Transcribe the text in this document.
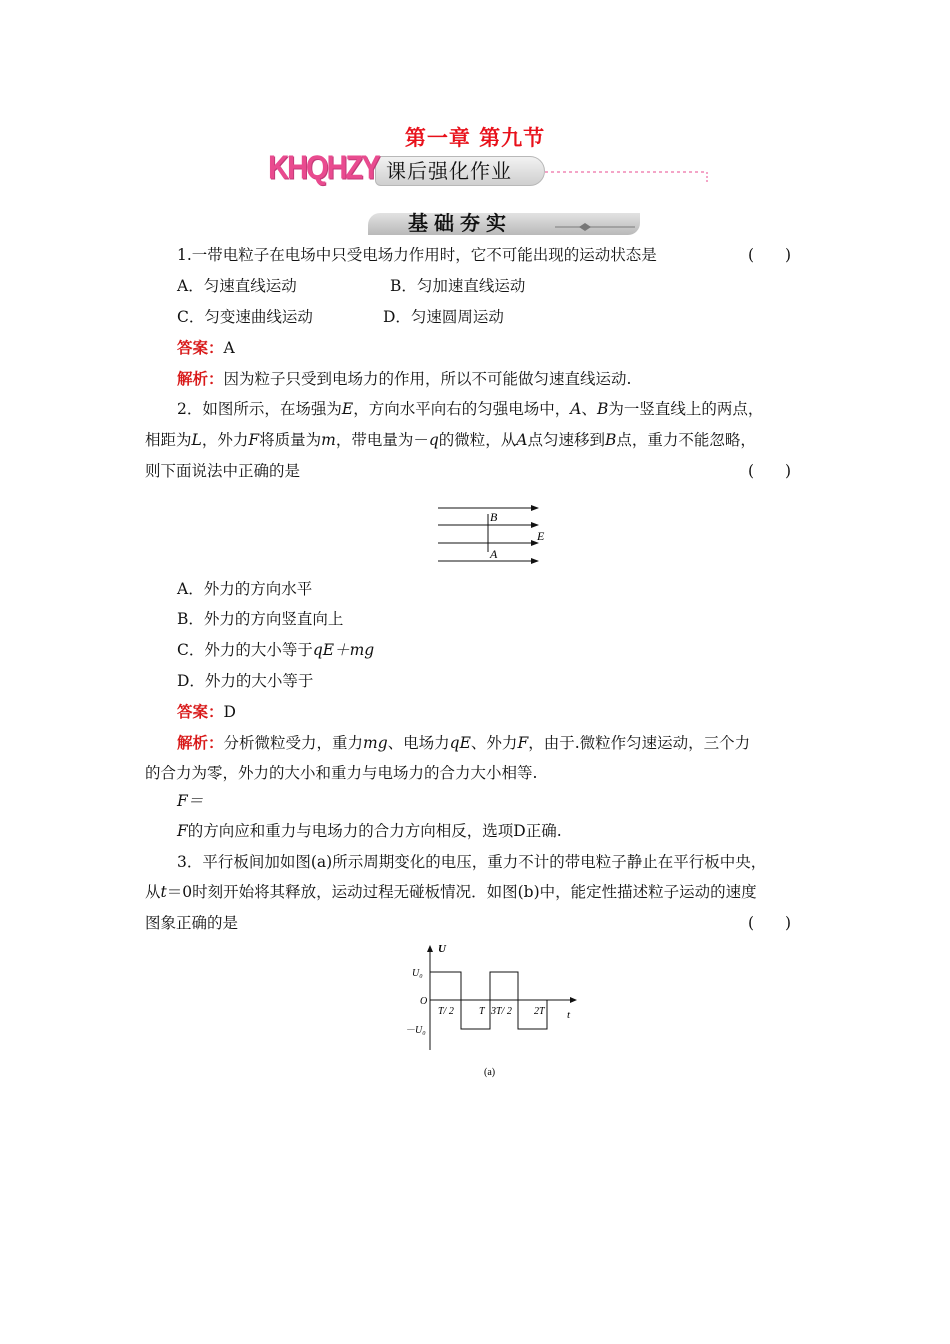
第一章 第九节
课后强化作业
KHQHZY
基础夯实
1.一带电粒子在电场中只受电场力作用时，它不可能出现的运动状态是	(　　)
A．匀速直线运动	B．匀加速直线运动
C．匀变速曲线运动	D．匀速圆周运动
答案：A
解析：因为粒子只受到电场力的作用，所以不可能做匀速直线运动.
2．如图所示，在场强为E，方向水平向右的匀强电场中，A、B为一竖直线上的两点，
相距为L，外力F将质量为m，带电量为－q的微粒，从A点匀速移到B点，重力不能忽略，
则下面说法中正确的是	(　　)
B
E
A
A．外力的方向水平
B．外力的方向竖直向上
C．外力的大小等于qE＋mg
D．外力的大小等于
答案：D
解析：分析微粒受力，重力mg、电场力qE、外力F，由于.微粒作匀速运动，三个力
的合力为零，外力的大小和重力与电场力的合力大小相等.
F＝
F的方向应和重力与电场力的合力方向相反，选项D正确.
3．平行板间加如图(a)所示周期变化的电压，重力不计的带电粒子静止在平行板中央，
从t＝0时刻开始将其释放，运动过程无碰板情况．如图(b)中，能定性描述粒子运动的速度
图象正确的是	(　　)
U
U₀
O
－U₀
T/ 2	T 3T/ 2 2T t
(a)
